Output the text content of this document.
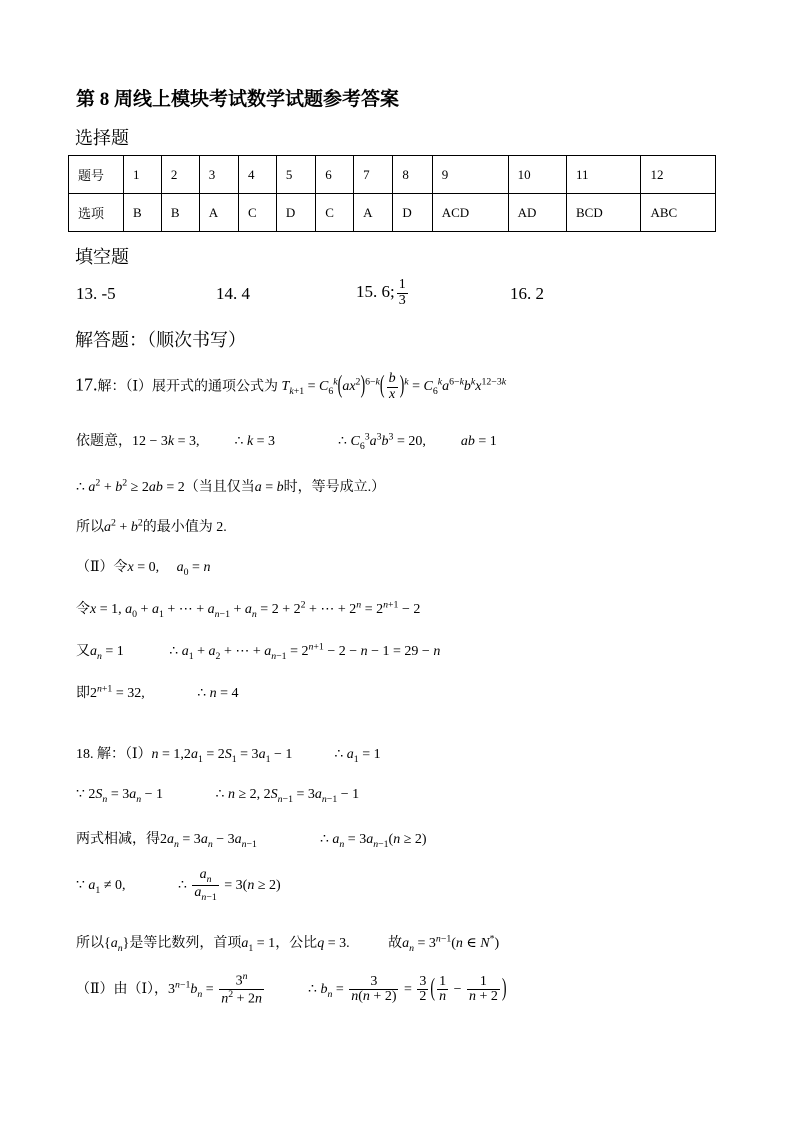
第 8 周线上模块考试数学试题参考答案
选择题
题号	1	2	3	4	5	6	7	8	9	10	11	12
选项	B	B	A	C	D	C	A	D	ACD	AD	BCD	ABC
填空题
13. -5	14. 4	15. 6; $\frac{1}{3}$	16. 2
解答题：（顺次书写）
17.解：（Ⅰ）展开式的通项公式为 $T_{k+1} = C_6^k(ax^2)^{6-k}( \frac{b}{x} )^k = C_6^ka^{6-k}b^kx^{12-3k}$
依题意，12 − 3k = 3,          ∴ k = 3                  ∴ $C_6^3a^3b^3 = 20$,          ab = 1
∴ $a^2 + b^2 \ge 2ab = 2$（当且仅当a = b时，等号成立.）
所以$a^2 + b^2$的最小值为 2.
（Ⅱ）令x = 0,     $a_0 = n$
令x = 1, $a_0 + a_1$ + ⋯ + $a_{n-1} + a_n = 2 + 2^2$ + ⋯ + $2^n = 2^{n+1} - 2$
又$a_n = 1$             ∴ $a_1 + a_2$ + ⋯ + $a_{n-1} = 2^{n+1} - 2 - n - 1 = 29 - n$
即$2^{n+1} = 32$,               ∴ n = 4
18. 解：（Ⅰ）n = $1,2a_1 = 2S_1 = 3a_1 - 1$            ∴ $a_1 = 1$
∵ $2S_n = 3a_n - 1$               ∴ n ≥ 2, $2S_{n-1} = 3a_{n-1} - 1$
两式相减，得$2a_n = 3a_n - 3a_{n-1}$                  ∴ $a_n = 3a_{n-1}(n \ge 2)$
∵ $a_1 \ne 0$,               ∴ $\frac{a_n}{a_{n-1}} = 3(n \ge 2)$
所以$\{a_n\}$是等比数列，首项$a_1 = 1$，公比q = 3.           故$a_n = 3^{n-1}(n$ ∈ N*)
（Ⅱ）由（Ⅰ），$3^{n-1}b_n = \frac{3^n}{n^2 + 2n}$ ∴ $b_n = \frac{3}{n(n + 2)} = \frac{3}{2}$ ( $\frac{1}{n} - \frac{1}{n + 2}$ )
